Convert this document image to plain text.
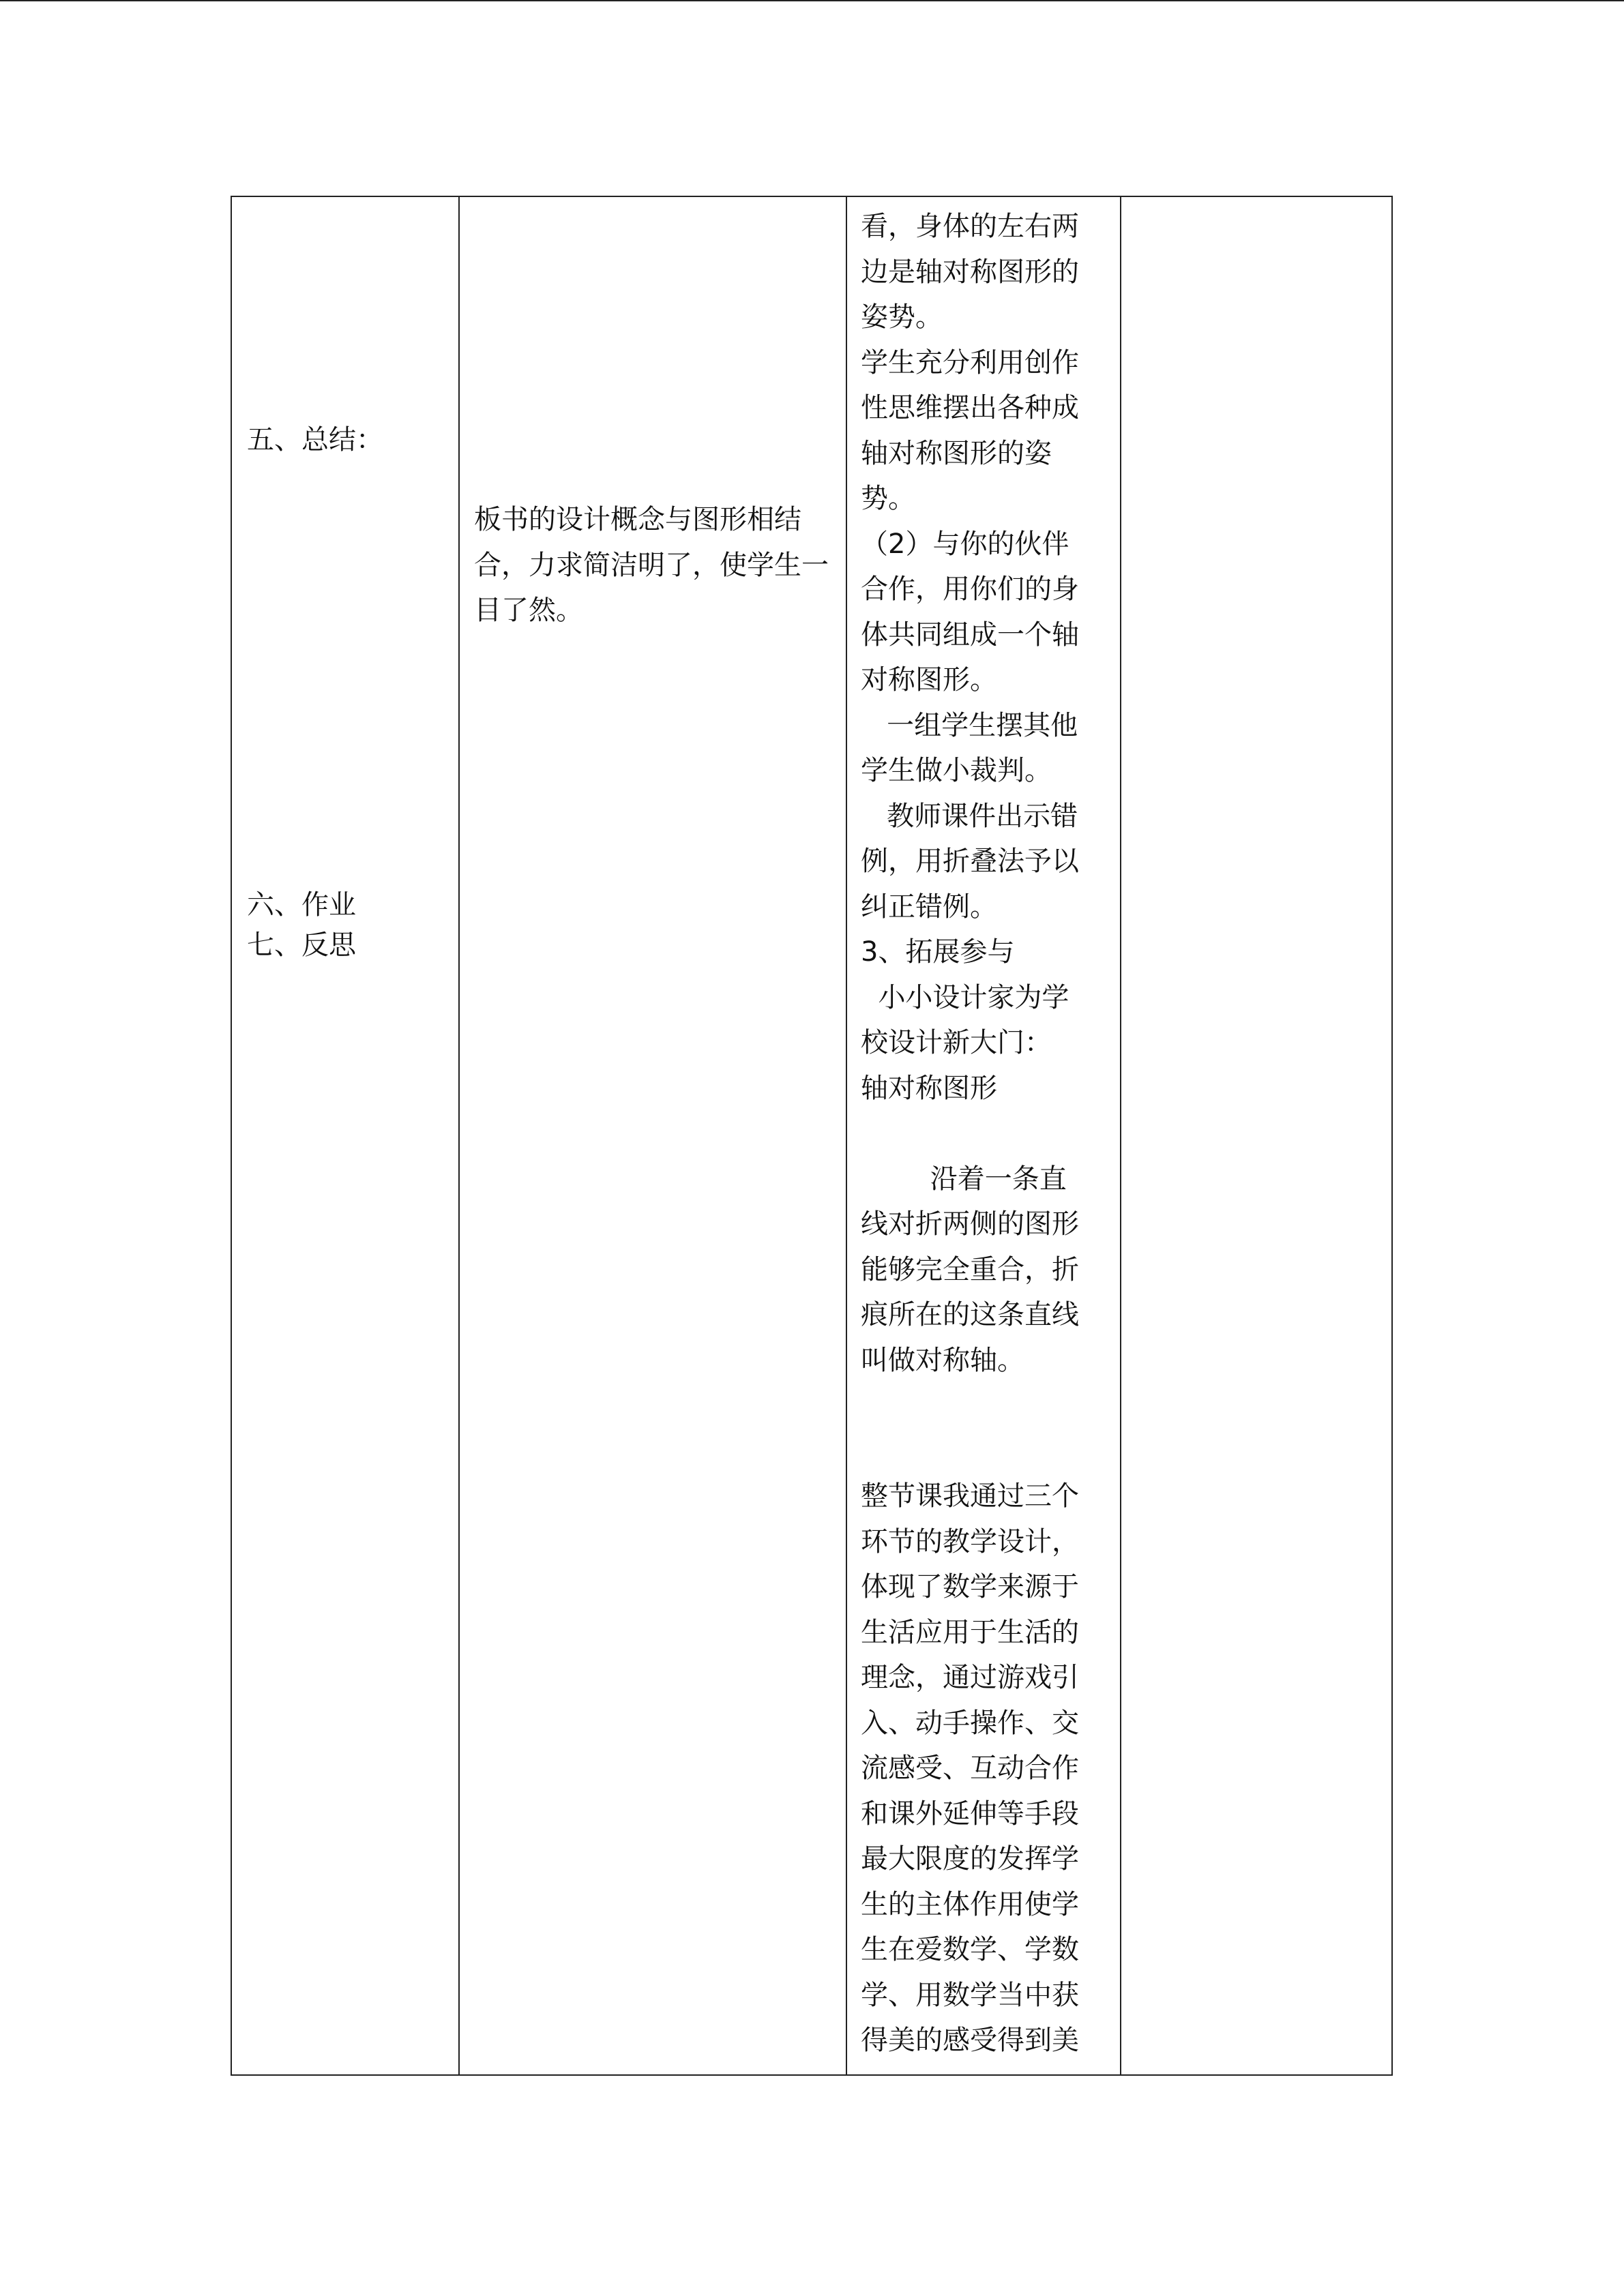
五、总结：
六、作业
七、反思
板书的设计概念与图形相结合，力求简洁明了，使学生一目了然。
看，身体的左右两
边是轴对称图形的
姿势。
学生充分利用创作
性思维摆出各种成
轴对称图形的姿
势。
（2）与你的伙伴
合作，用你们的身
体共同组成一个轴
对称图形。
一组学生摆其他
学生做小裁判。
教师课件出示错
例，用折叠法予以
纠正错例。
3、拓展参与
小小设计家为学
校设计新大门：
轴对称图形
沿着一条直
线对折两侧的图形
能够完全重合，折
痕所在的这条直线
叫做对称轴。
整节课我通过三个
环节的教学设计，
体现了数学来源于
生活应用于生活的
理念，通过游戏引
入、动手操作、交
流感受、互动合作
和课外延伸等手段
最大限度的发挥学
生的主体作用使学
生在爱数学、学数
学、用数学当中获
得美的感受得到美
